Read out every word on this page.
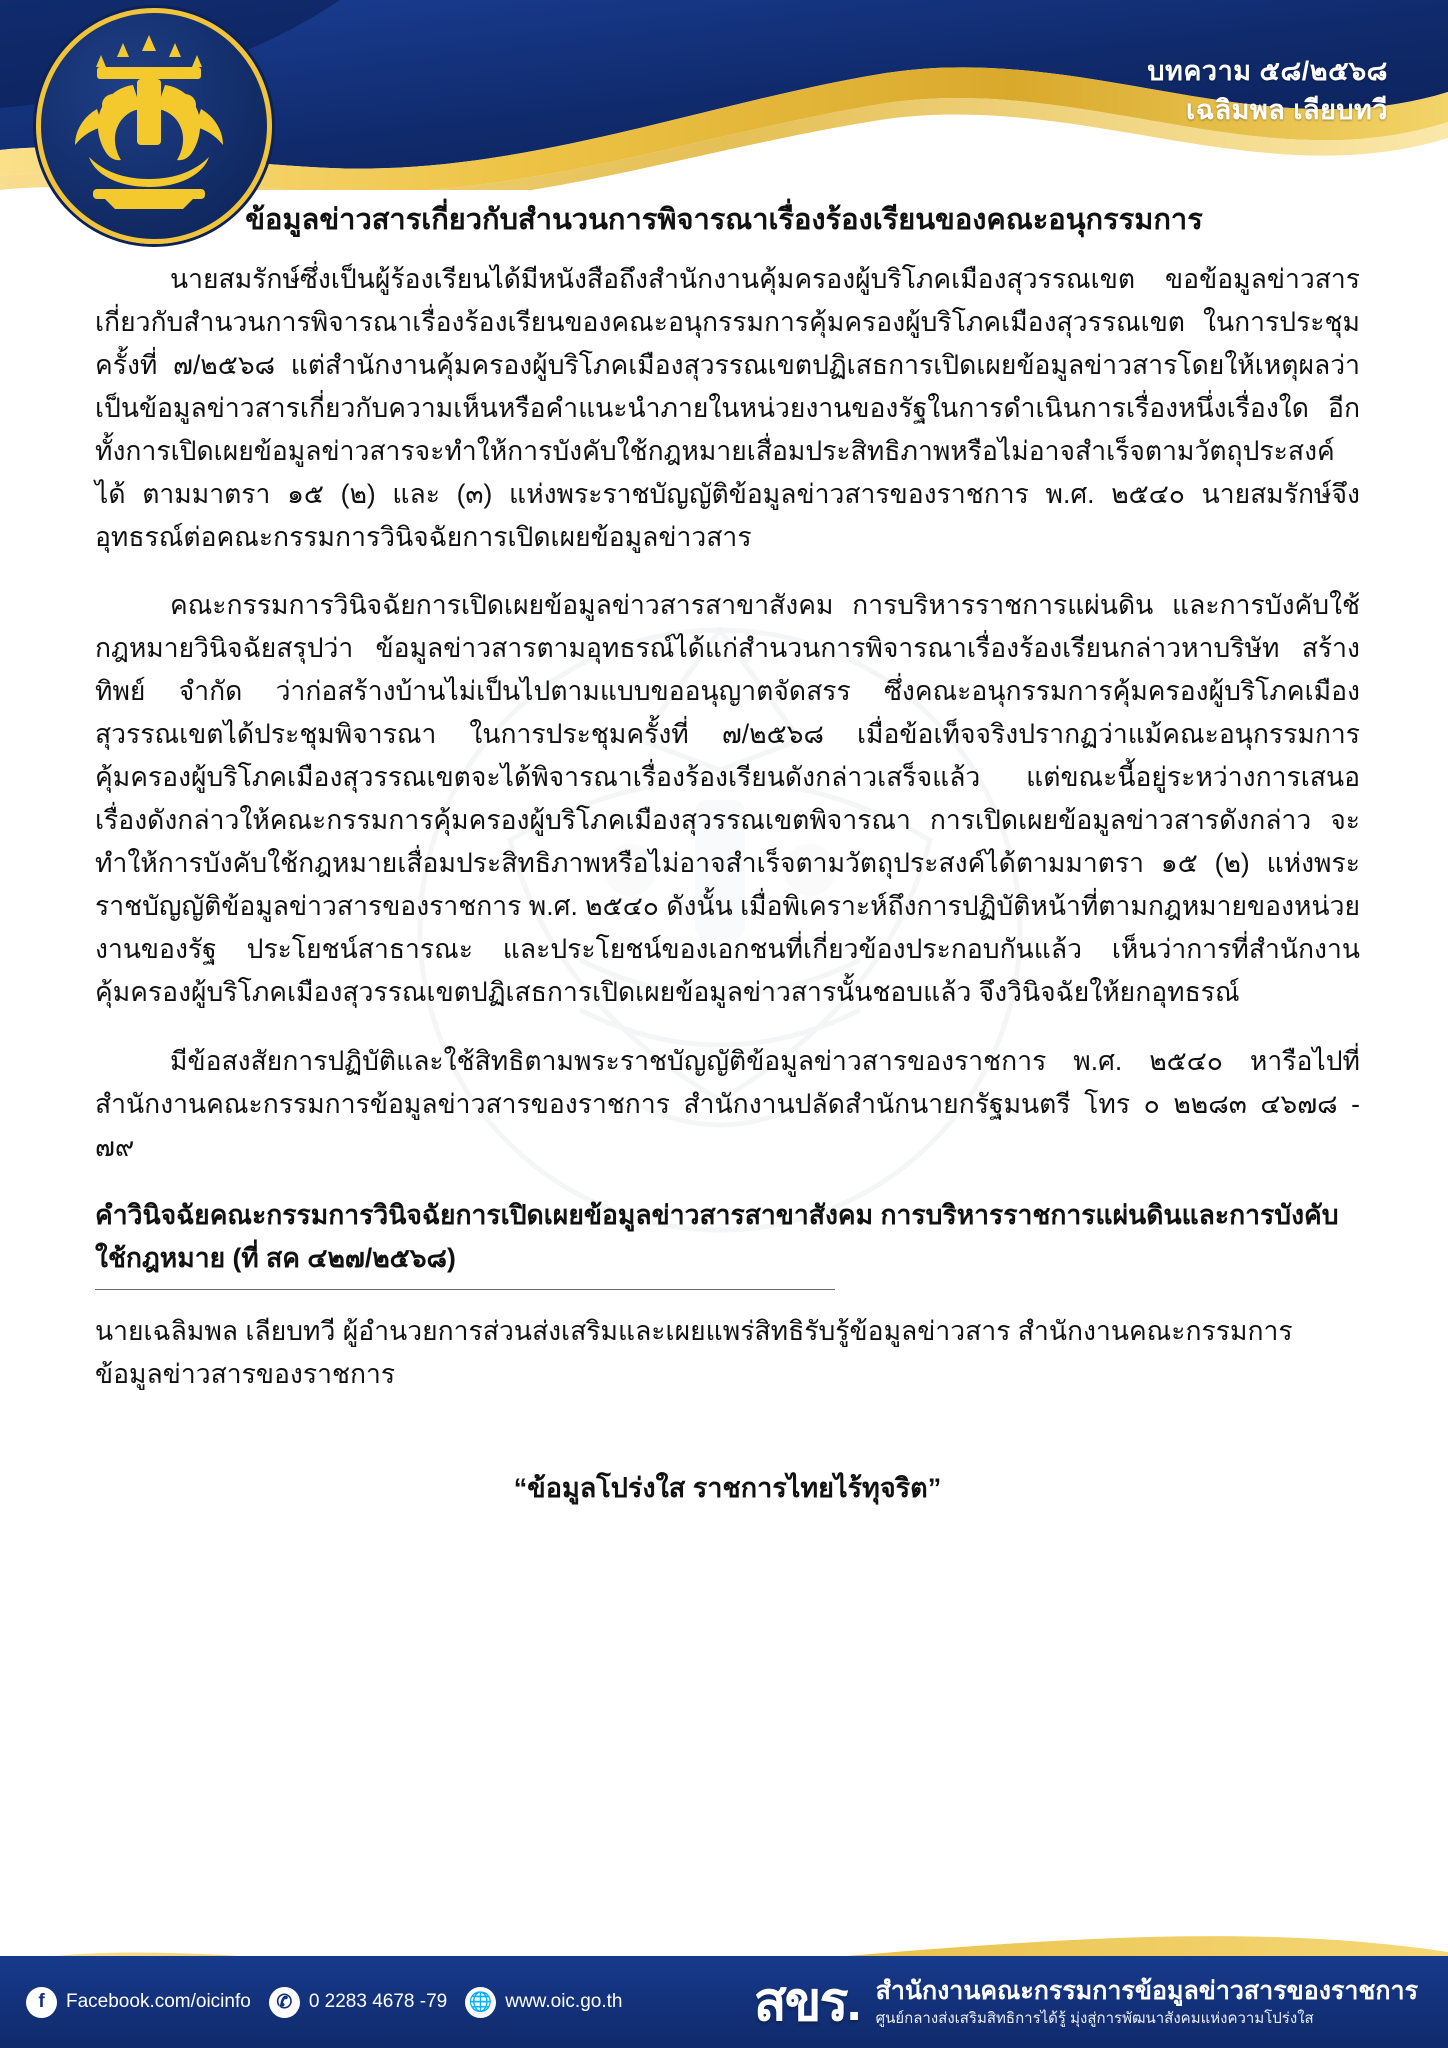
บทความ ๕๘/๒๕๖๘
เฉลิมพล เลียบทวี
ข้อมูลข่าวสารเกี่ยวกับสำนวนการพิจารณาเรื่องร้องเรียนของคณะอนุกรรมการ

นายสมรักษ์ซึ่งเป็นผู้ร้องเรียนได้มีหนังสือถึงสำนักงานคุ้มครองผู้บริโภคเมืองสุวรรณเขต ขอข้อมูลข่าวสารเกี่ยวกับสำนวนการพิจารณาเรื่องร้องเรียนของคณะอนุกรรมการคุ้มครองผู้บริโภคเมืองสุวรรณเขต ในการประชุมครั้งที่ ๗/๒๕๖๘ แต่สำนักงานคุ้มครองผู้บริโภคเมืองสุวรรณเขตปฏิเสธการเปิดเผยข้อมูลข่าวสารโดยให้เหตุผลว่าเป็นข้อมูลข่าวสารเกี่ยวกับความเห็นหรือคำแนะนำภายในหน่วยงานของรัฐในการดำเนินการเรื่องหนึ่งเรื่องใด อีกทั้งการเปิดเผยข้อมูลข่าวสารจะทำให้การบังคับใช้กฎหมายเสื่อมประสิทธิภาพหรือไม่อาจสำเร็จตามวัตถุประสงค์ได้ ตามมาตรา ๑๕ (๒) และ (๓) แห่งพระราชบัญญัติข้อมูลข่าวสารของราชการ พ.ศ. ๒๕๔๐ นายสมรักษ์จึงอุทธรณ์ต่อคณะกรรมการวินิจฉัยการเปิดเผยข้อมูลข่าวสาร

คณะกรรมการวินิจฉัยการเปิดเผยข้อมูลข่าวสารสาขาสังคม การบริหารราชการแผ่นดิน และการบังคับใช้กฎหมายวินิจฉัยสรุปว่า ข้อมูลข่าวสารตามอุทธรณ์ได้แก่สำนวนการพิจารณาเรื่องร้องเรียนกล่าวหาบริษัท สร้างทิพย์ จำกัด ว่าก่อสร้างบ้านไม่เป็นไปตามแบบขออนุญาตจัดสรร ซึ่งคณะอนุกรรมการคุ้มครองผู้บริโภคเมืองสุวรรณเขตได้ประชุมพิจารณา ในการประชุมครั้งที่ ๗/๒๕๖๘ เมื่อข้อเท็จจริงปรากฏว่าแม้คณะอนุกรรมการคุ้มครองผู้บริโภคเมืองสุวรรณเขตจะได้พิจารณาเรื่องร้องเรียนดังกล่าวเสร็จแล้ว แต่ขณะนี้อยู่ระหว่างการเสนอเรื่องดังกล่าวให้คณะกรรมการคุ้มครองผู้บริโภคเมืองสุวรรณเขตพิจารณา การเปิดเผยข้อมูลข่าวสารดังกล่าว จะทำให้การบังคับใช้กฎหมายเสื่อมประสิทธิภาพหรือไม่อาจสำเร็จตามวัตถุประสงค์ได้ตามมาตรา ๑๕ (๒) แห่งพระราชบัญญัติข้อมูลข่าวสารของราชการ พ.ศ. ๒๕๔๐ ดังนั้น เมื่อพิเคราะห์ถึงการปฏิบัติหน้าที่ตามกฎหมายของหน่วยงานของรัฐ ประโยชน์สาธารณะ และประโยชน์ของเอกชนที่เกี่ยวข้องประกอบกันแล้ว เห็นว่าการที่สำนักงานคุ้มครองผู้บริโภคเมืองสุวรรณเขตปฏิเสธการเปิดเผยข้อมูลข่าวสารนั้นชอบแล้ว จึงวินิจฉัยให้ยกอุทธรณ์

มีข้อสงสัยการปฏิบัติและใช้สิทธิตามพระราชบัญญัติข้อมูลข่าวสารของราชการ พ.ศ. ๒๕๔๐ หารือไปที่สำนักงานคณะกรรมการข้อมูลข่าวสารของราชการ สำนักงานปลัดสำนักนายกรัฐมนตรี โทร ๐ ๒๒๘๓ ๔๖๗๘ - ๗๙

คำวินิจฉัยคณะกรรมการวินิจฉัยการเปิดเผยข้อมูลข่าวสารสาขาสังคม การบริหารราชการแผ่นดินและการบังคับใช้กฎหมาย (ที่ สค ๔๒๗/๒๕๖๘)

นายเฉลิมพล เลียบทวี ผู้อำนวยการส่วนส่งเสริมและเผยแพร่สิทธิรับรู้ข้อมูลข่าวสาร สำนักงานคณะกรรมการข้อมูลข่าวสารของราชการ

“ข้อมูลโปร่งใส ราชการไทยไร้ทุจริต”
f	Facebook.com/oicinfo	✆ 0 2283 4678 -79 🌐 www.oic.go.th สขร. สำนักงานคณะกรรมการข้อมูลข่าวสารของราชการ
ศูนย์กลางส่งเสริมสิทธิการได้รู้ มุ่งสู่การพัฒนาสังคมแห่งความโปร่งใส
